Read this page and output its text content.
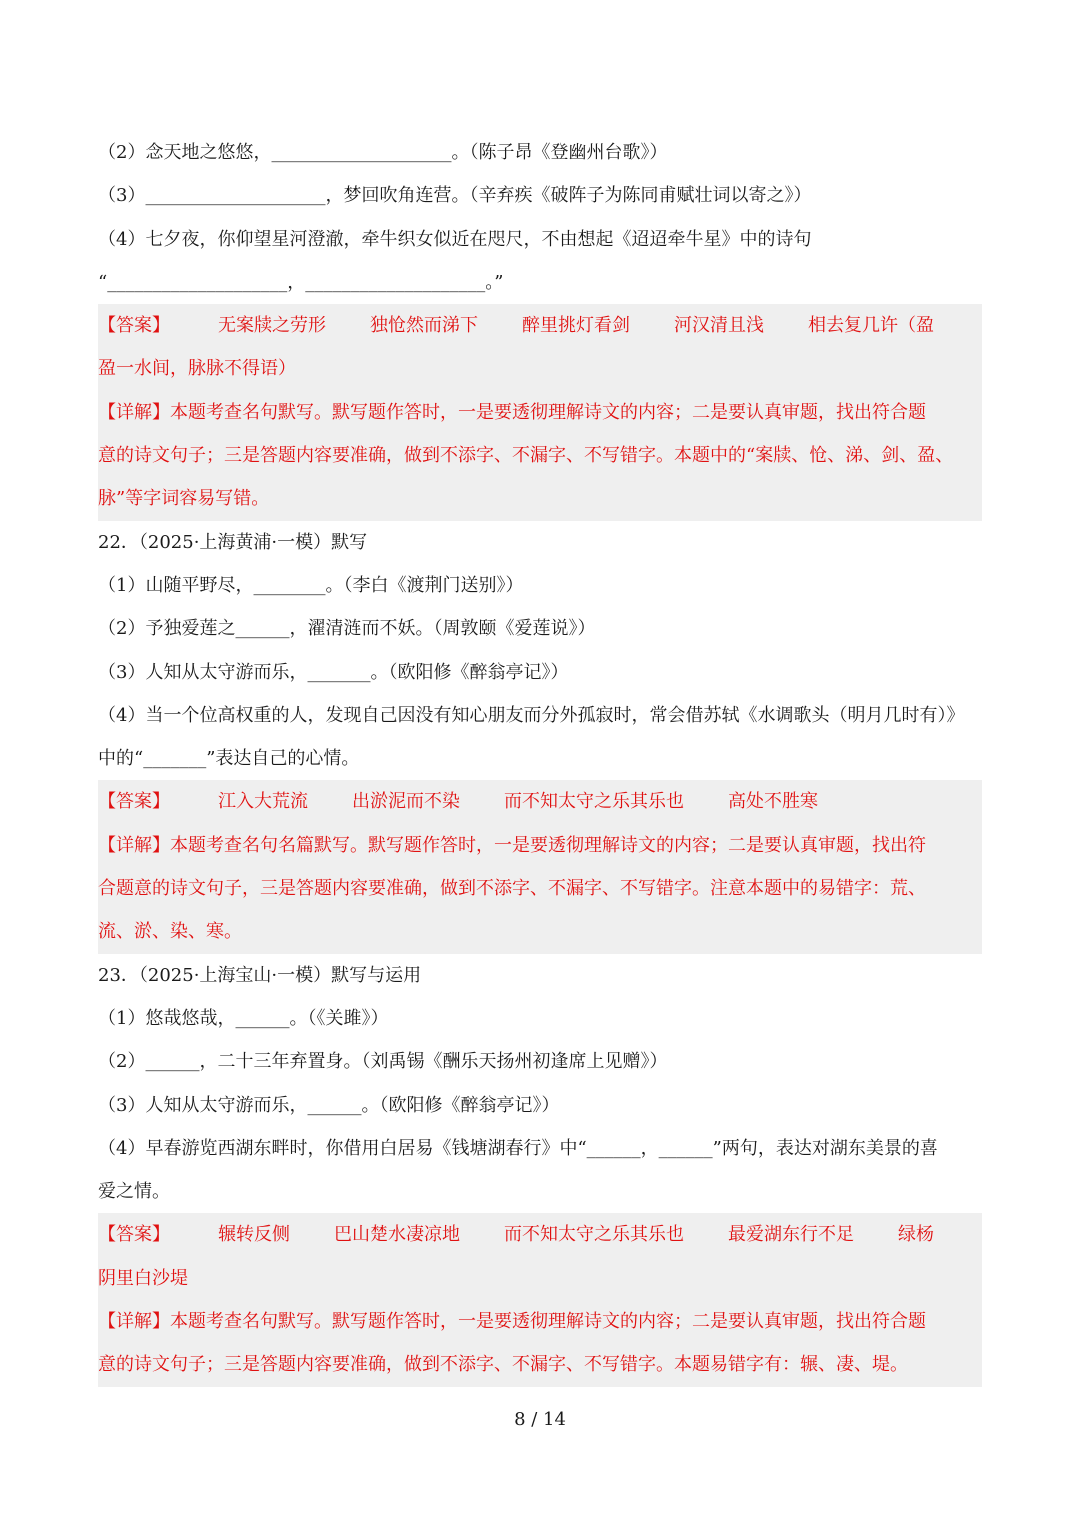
（2）念天地之悠悠，____________________。（陈子昂《登幽州台歌》）
（3）____________________，梦回吹角连营。（辛弃疾《破阵子为陈同甫赋壮词以寄之》）
（4）七夕夜，你仰望星河澄澈，牵牛织女似近在咫尺，不由想起《迢迢牵牛星》中的诗句
“____________________，____________________。”
【答案】	无案牍之劳形 独怆然而涕下 醉里挑灯看剑 河汉清且浅 相去复几许（盈
盈一水间，脉脉不得语）
【详解】本题考查名句默写。默写题作答时，一是要透彻理解诗文的内容；二是要认真审题，找出符合题
意的诗文句子；三是答题内容要准确，做到不添字、不漏字、不写错字。本题中的“案牍、怆、涕、剑、盈、
脉”等字词容易写错。
22．（2025·上海黄浦·一模）默写
（1）山随平野尽，________。（李白《渡荆门送别》）
（2）予独爱莲之______，濯清涟而不妖。（周敦颐《爱莲说》）
（3）人知从太守游而乐，_______。（欧阳修《醉翁亭记》）
（4）当一个位高权重的人，发现自己因没有知心朋友而分外孤寂时，常会借苏轼《水调歌头（明月几时有）》
中的“_______”表达自己的心情。
【答案】	江入大荒流 出淤泥而不染 而不知太守之乐其乐也 高处不胜寒
【详解】本题考查名句名篇默写。默写题作答时，一是要透彻理解诗文的内容；二是要认真审题，找出符
合题意的诗文句子，三是答题内容要准确，做到不添字、不漏字、不写错字。注意本题中的易错字：荒、
流、淤、染、寒。
23．（2025·上海宝山·一模）默写与运用
（1）悠哉悠哉，______。（《关雎》）
（2）______，二十三年弃置身。（刘禹锡《酬乐天扬州初逢席上见赠》）
（3）人知从太守游而乐，______。（欧阳修《醉翁亭记》）
（4）早春游览西湖东畔时，你借用白居易《钱塘湖春行》中“______，______”两句，表达对湖东美景的喜
爱之情。
【答案】	辗转反侧 巴山楚水凄凉地 而不知太守之乐其乐也 最爱湖东行不足 绿杨
阴里白沙堤
【详解】本题考查名句默写。默写题作答时，一是要透彻理解诗文的内容；二是要认真审题，找出符合题
意的诗文句子；三是答题内容要准确，做到不添字、不漏字、不写错字。本题易错字有：辗、凄、堤。
8 / 14
